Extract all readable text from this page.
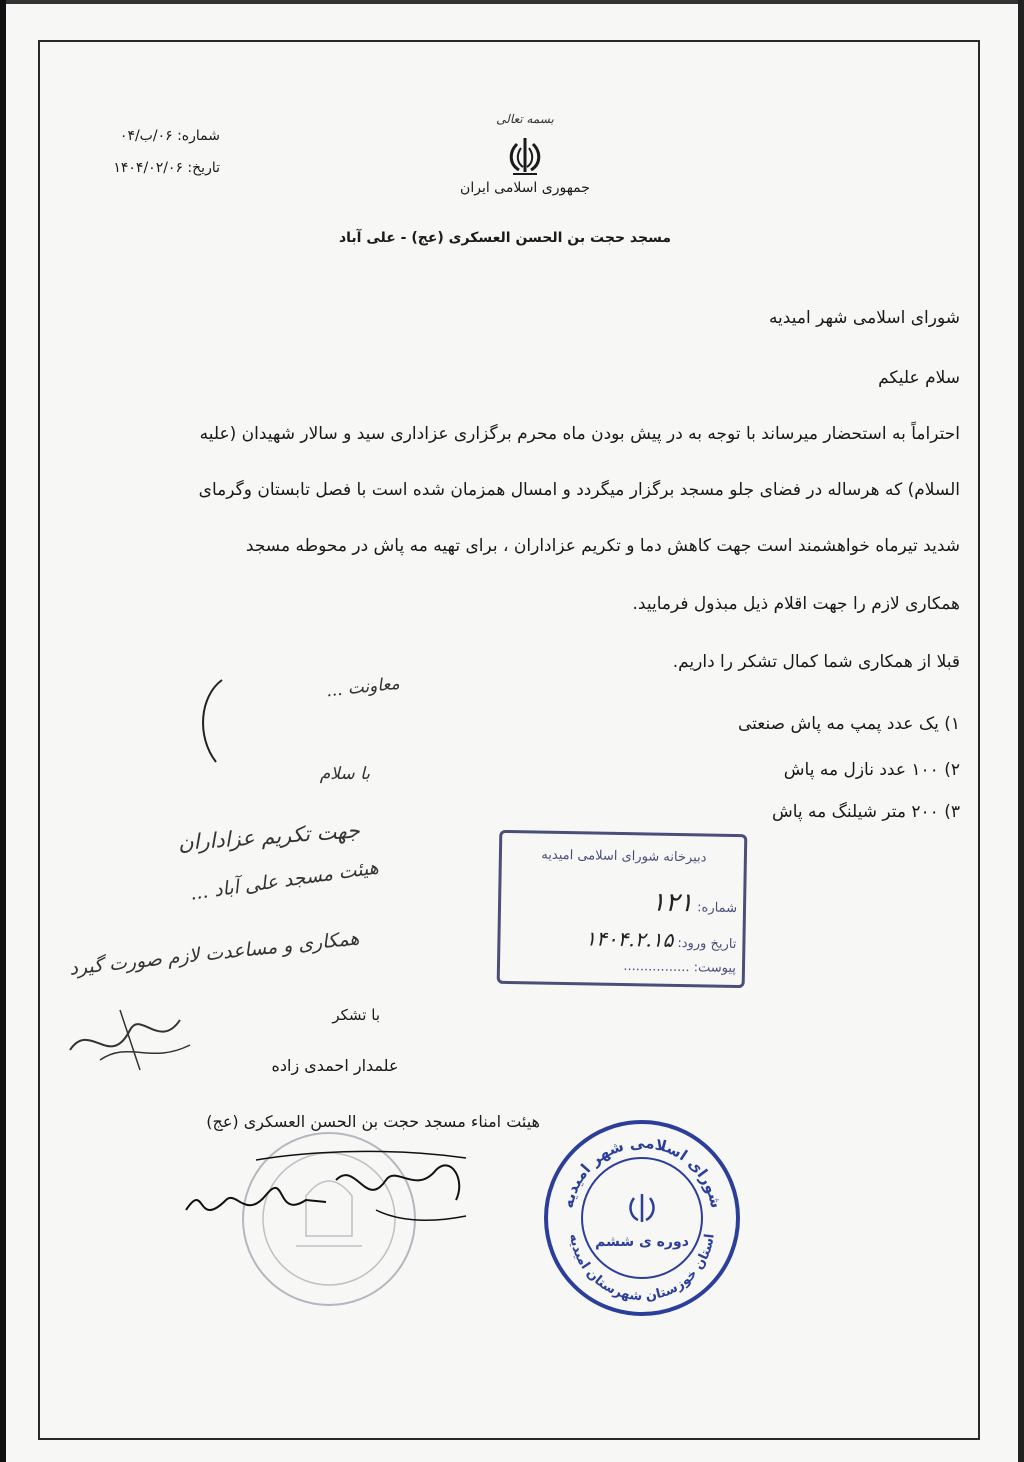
بسمه تعالی
جمهوری اسلامی ایران
شماره: ۰۶/ب/۰۴
تاریخ: ۱۴۰۴/۰۲/۰۶
مسجد حجت بن الحسن العسکری (عج) - علی آباد
شورای اسلامی شهر امیدیه
سلام علیکم
احتراماً به استحضار میرساند با توجه به در پیش بودن ماه محرم برگزاری عزاداری سید و سالار شهیدان (علیه
السلام) که هرساله در فضای جلو مسجد برگزار میگردد و امسال همزمان شده است با فصل تابستان وگرمای
شدید تیرماه خواهشمند است جهت کاهش دما و تکریم عزاداران ، برای تهیه مه پاش در محوطه مسجد
همکاری لازم را جهت اقلام ذیل مبذول فرمایید.
قبلا از همکاری شما کمال تشکر را داریم.
۱) یک عدد پمپ مه پاش صنعتی
۲) ۱۰۰ عدد نازل مه پاش
۳) ۲۰۰ متر شیلنگ مه پاش
دبیرخانه شورای اسلامی امیدیه
شماره: ۱۲۱
تاریخ ورود: ۱۴۰۴.۲.۱۵
پیوست: ................
معاونت ...
با سلام
جهت تکریم عزاداران
هیئت مسجد علی آباد ...
همکاری و مساعدت لازم صورت گیرد
با تشکر
علمدار احمدی زاده
هیئت امناء مسجد حجت بن الحسن العسکری (عج)
شورای اسلامی شهر امیدیه
استان خوزستان شهرستان امیدیه
دوره ی ششم
